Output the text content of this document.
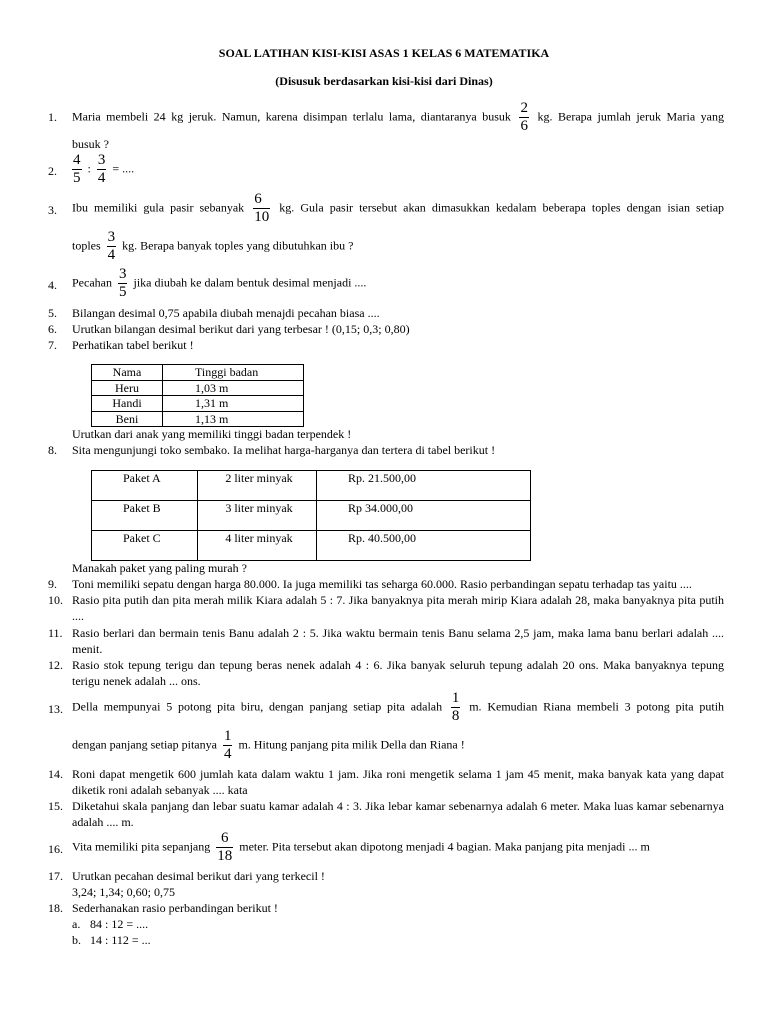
SOAL LATIHAN KISI-KISI ASAS 1 KELAS 6 MATEMATIKA
(Disusuk berdasarkan kisi-kisi dari Dinas)
1. Maria membeli 24 kg jeruk. Namun, karena disimpan terlalu lama, diantaranya busuk $\frac{2}{6}$ kg. Berapa jumlah jeruk Maria yang
busuk ?
2. $\frac{4}{5}$ : $\frac{3}{4}$ = ....
3. Ibu memiliki gula pasir sebanyak $\frac{6}{10}$ kg. Gula pasir tersebut akan dimasukkan kedalam beberapa toples dengan isian setiap
toples $\frac{3}{4}$ kg. Berapa banyak toples yang dibutuhkan ibu ?
4. Pecahan $\frac{3}{5}$ jika diubah ke dalam bentuk desimal menjadi ....
5. Bilangan desimal 0,75 apabila diubah menajdi pecahan biasa ....
6. Urutkan bilangan desimal berikut dari yang terbesar ! (0,15; 0,3; 0,80)
7. Perhatikan tabel berikut !
Nama	Tinggi badan
Heru	1,03 m
Handi	1,31 m
Beni	1,13 m
Urutkan dari anak yang memiliki tinggi badan terpendek !
8. Sita mengunjungi toko sembako. Ia melihat harga-harganya dan tertera di tabel berikut !
Paket A	2 liter minyak	Rp. 21.500,00
Paket B	3 liter minyak	Rp 34.000,00
Paket C	4 liter minyak	Rp. 40.500,00
Manakah paket yang paling murah ?
9. Toni memiliki sepatu dengan harga 80.000. Ia juga memiliki tas seharga 60.000. Rasio perbandingan sepatu terhadap tas yaitu ....
10. Rasio pita putih dan pita merah milik Kiara adalah 5 : 7. Jika banyaknya pita merah mirip Kiara adalah 28, maka banyaknya pita putih ....
11. Rasio berlari dan bermain tenis Banu adalah 2 : 5. Jika waktu bermain tenis Banu selama 2,5 jam, maka lama banu berlari adalah .... menit.
12. Rasio stok tepung terigu dan tepung beras nenek adalah 4 : 6. Jika banyak seluruh tepung adalah 20 ons. Maka banyaknya tepung terigu nenek adalah ... ons.
13. Della mempunyai 5 potong pita biru, dengan panjang setiap pita adalah $\frac{1}{8} m$. Kemudian Riana membeli 3 potong pita putih
dengan panjang setiap pitanya $\frac{1}{4} m$. Hitung panjang pita milik Della dan Riana !
14. Roni dapat mengetik 600 jumlah kata dalam waktu 1 jam. Jika roni mengetik selama 1 jam 45 menit, maka banyak kata yang dapat diketik roni adalah sebanyak .... kata
15. Diketahui skala panjang dan lebar suatu kamar adalah 4 : 3. Jika lebar kamar sebenarnya adalah 6 meter. Maka luas kamar sebenarnya adalah .... m.
16. Vita memiliki pita sepanjang $\frac{6}{18}$ meter. Pita tersebut akan dipotong menjadi 4 bagian. Maka panjang pita menjadi ... m
17. Urutkan pecahan desimal berikut dari yang terkecil !
3,24; 1,34; 0,60; 0,75
18. Sederhanakan rasio perbandingan berikut !
a. 84 : 12 = ....
b. 14 : 112 = ...
